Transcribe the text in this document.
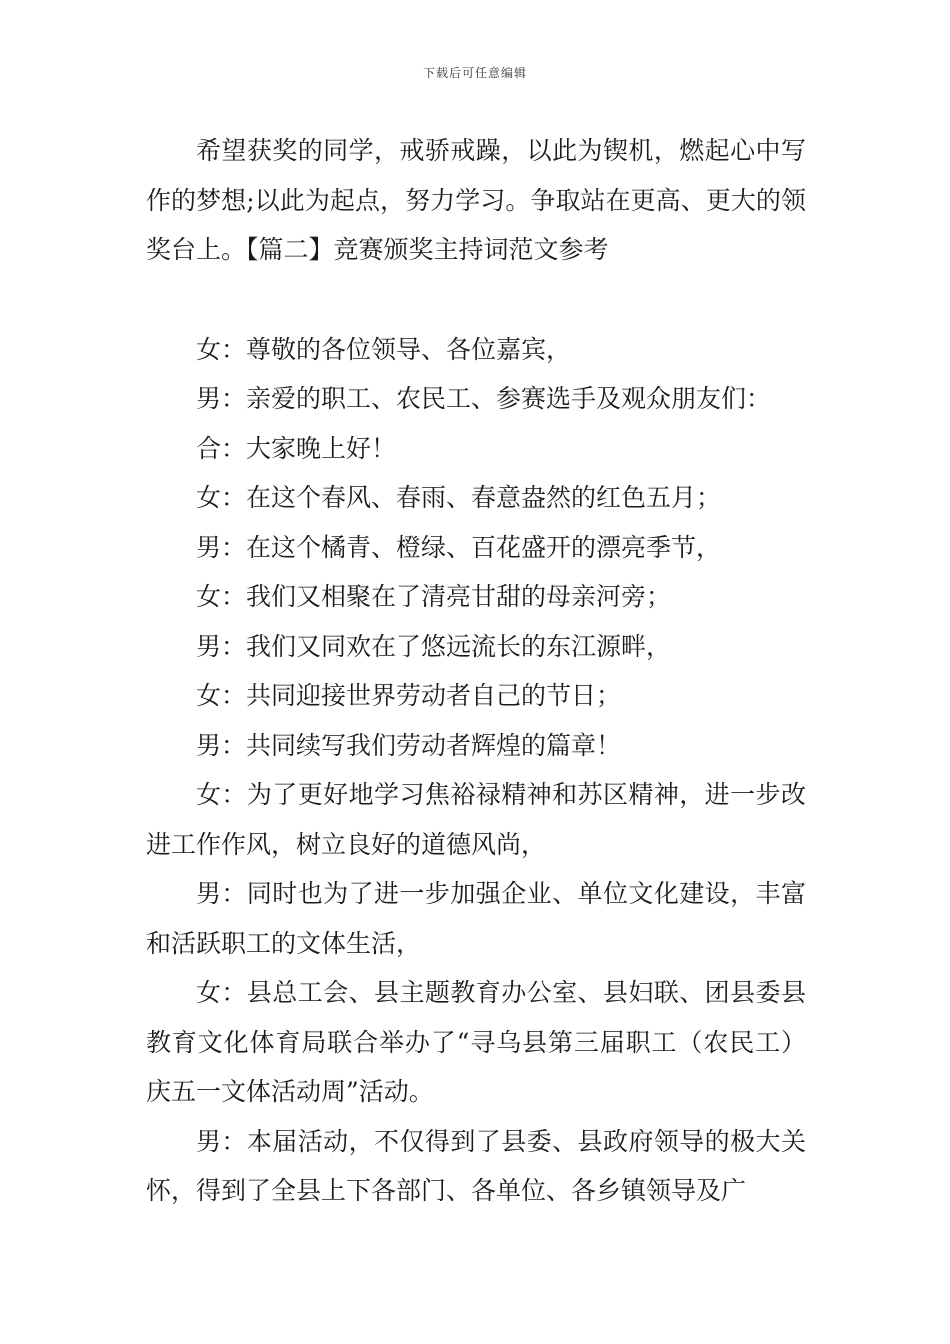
下载后可任意编辑

希望获奖的同学，戒骄戒躁，以此为锲机，燃起心中写作的梦想;以此为起点，努力学习。争取站在更高、更大的领奖台上。【篇二】竞赛颁奖主持词范文参考

女：尊敬的各位领导、各位嘉宾，

男：亲爱的职工、农民工、参赛选手及观众朋友们：

合：大家晚上好！

女：在这个春风、春雨、春意盎然的红色五月；

男：在这个橘青、橙绿、百花盛开的漂亮季节，

女：我们又相聚在了清亮甘甜的母亲河旁；

男：我们又同欢在了悠远流长的东江源畔，

女：共同迎接世界劳动者自己的节日；

男：共同续写我们劳动者辉煌的篇章！

女：为了更好地学习焦裕禄精神和苏区精神，进一步改进工作作风，树立良好的道德风尚，

男：同时也为了进一步加强企业、单位文化建设，丰富和活跃职工的文体生活，

女：县总工会、县主题教育办公室、县妇联、团县委县教育文化体育局联合举办了“寻乌县第三届职工（农民工）庆五一文体活动周”活动。

男：本届活动，不仅得到了县委、县政府领导的极大关怀，得到了全县上下各部门、各单位、各乡镇领导及广
